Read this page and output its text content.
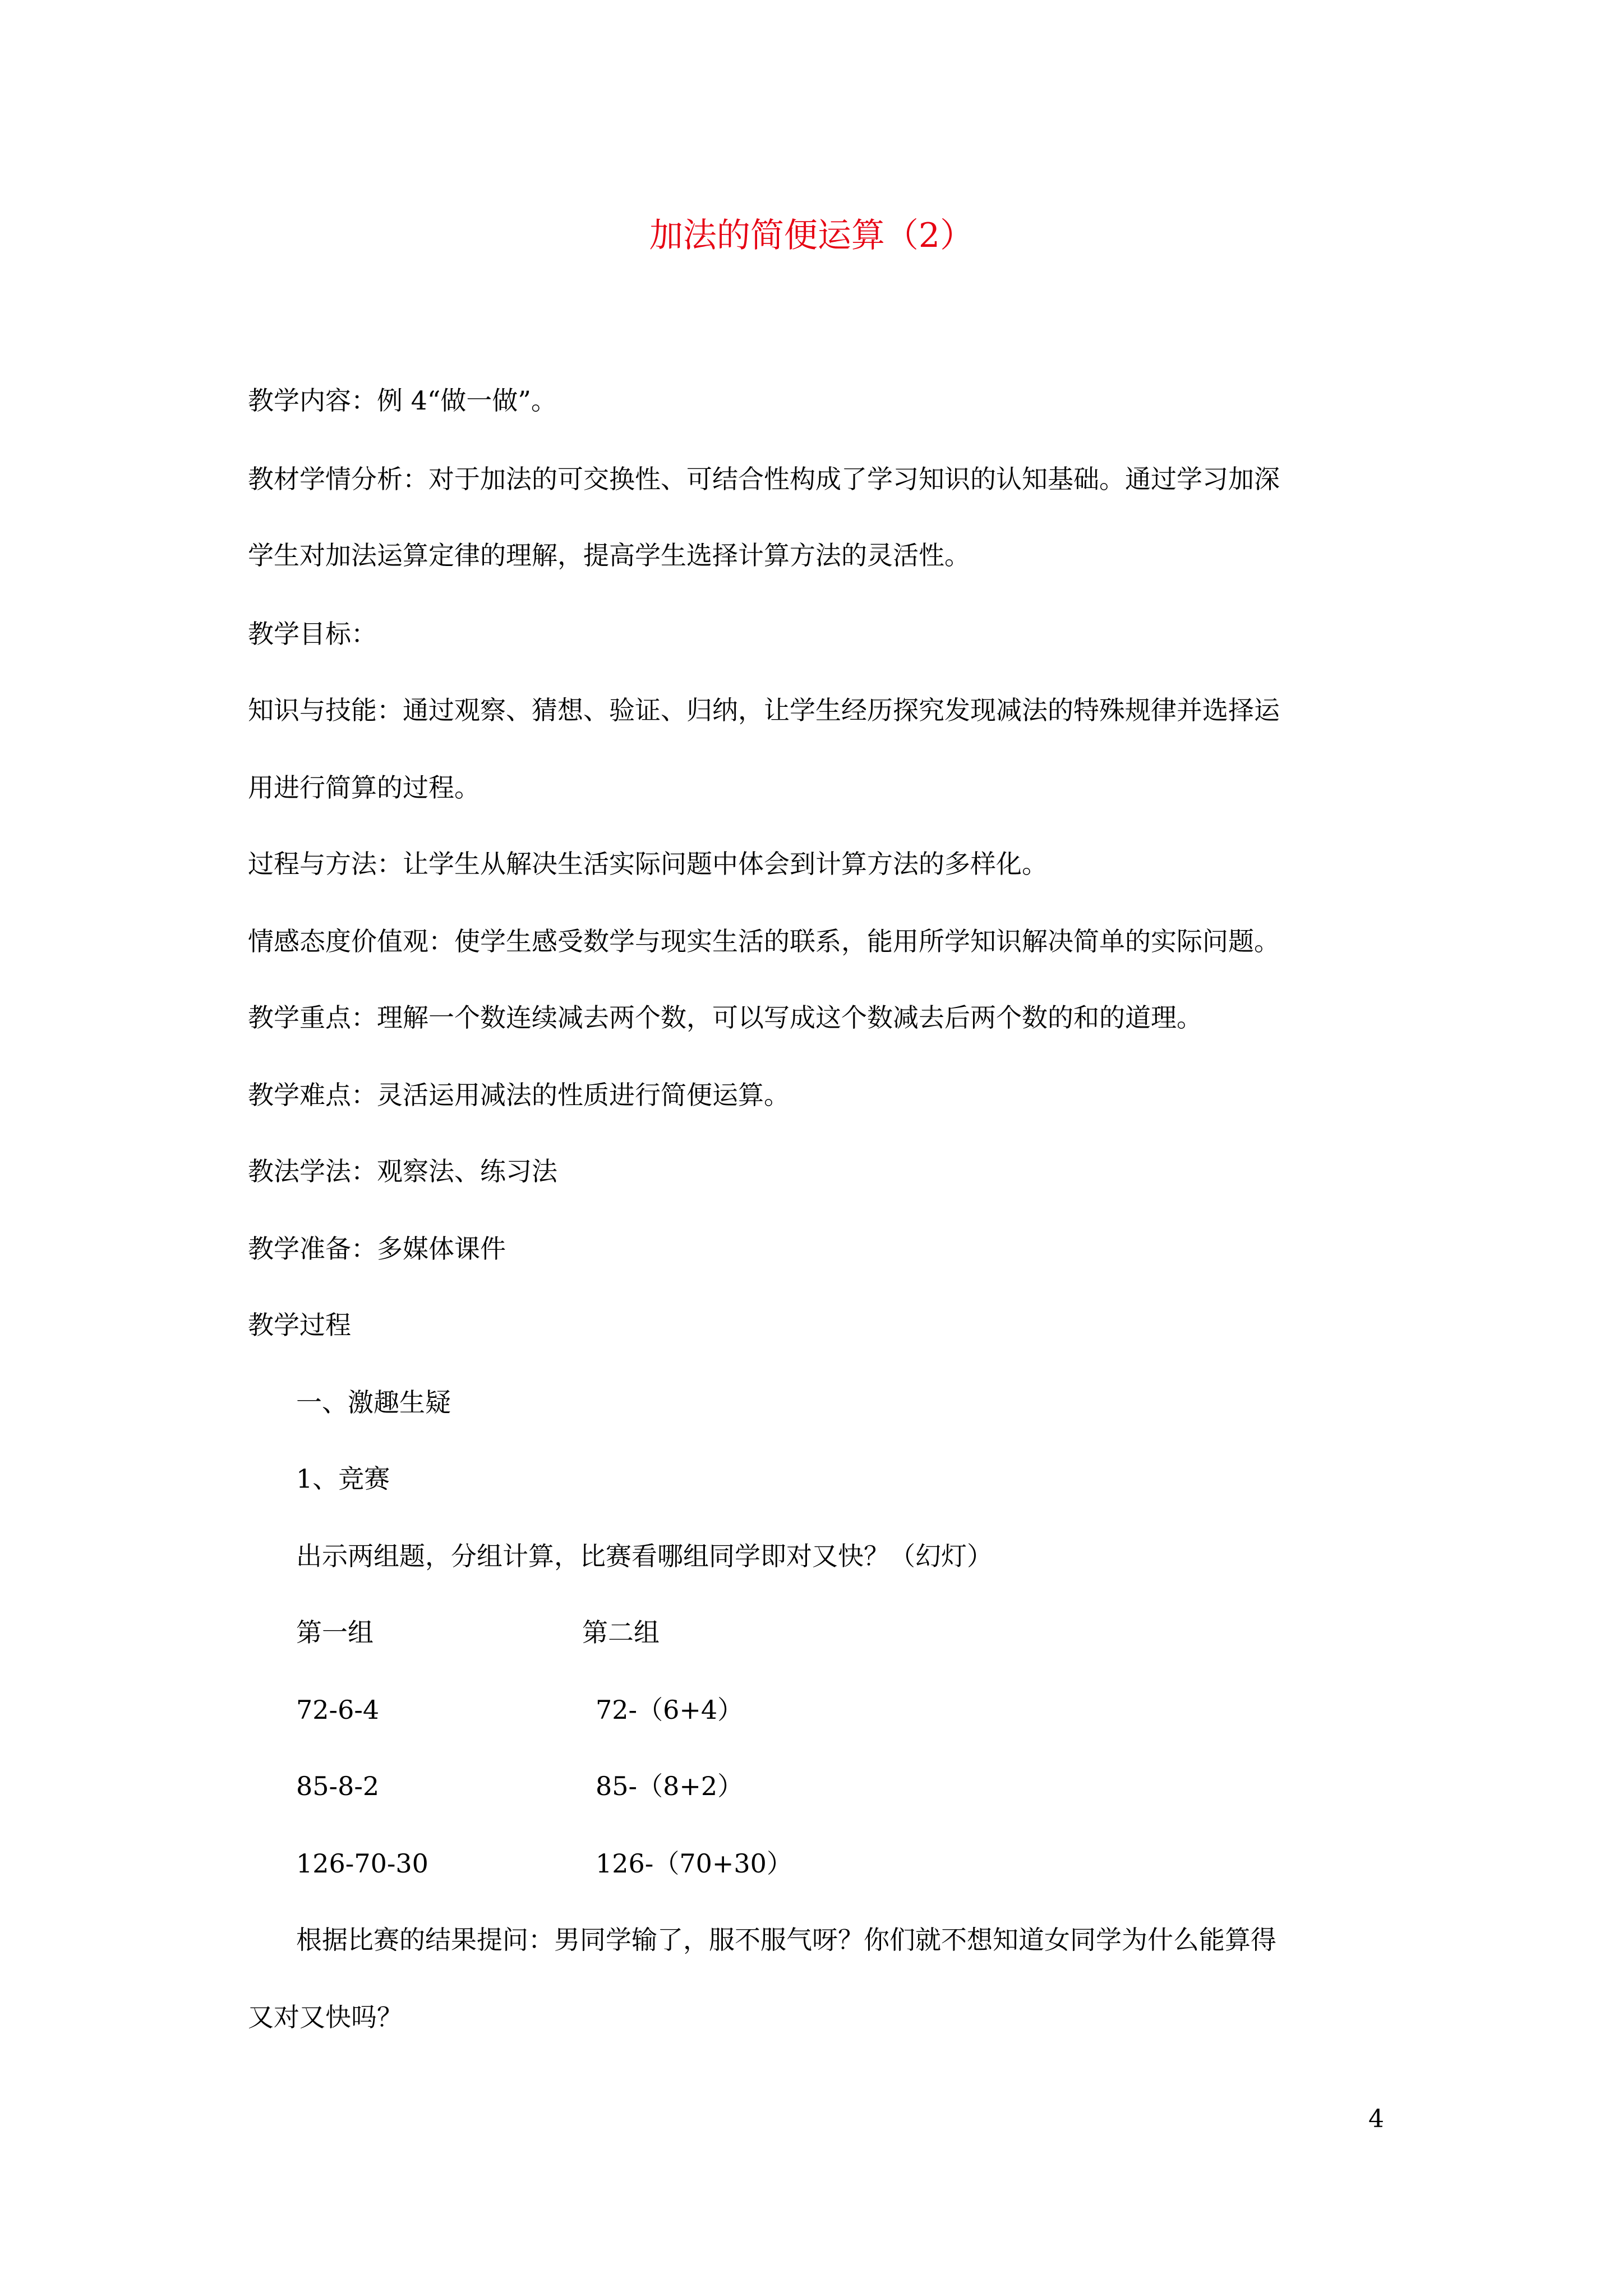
加法的简便运算（2）
教学内容：例 4“做一做”。
教材学情分析：对于加法的可交换性、可结合性构成了学习知识的认知基础。通过学习加深
学生对加法运算定律的理解，提高学生选择计算方法的灵活性。
教学目标：
知识与技能：通过观察、猜想、验证、归纳，让学生经历探究发现减法的特殊规律并选择运
用进行简算的过程。
过程与方法：让学生从解决生活实际问题中体会到计算方法的多样化。
情感态度价值观：使学生感受数学与现实生活的联系，能用所学知识解决简单的实际问题。
教学重点：理解一个数连续减去两个数，可以写成这个数减去后两个数的和的道理。
教学难点：灵活运用减法的性质进行简便运算。
教法学法：观察法、练习法
教学准备：多媒体课件
教学过程
一、激趣生疑
1、竞赛
出示两组题，分组计算，比赛看哪组同学即对又快？（幻灯）
第一组	第二组
72-6-4	72-（6+4）
85-8-2	85-（8+2）
126-70-30	126-（70+30）
根据比赛的结果提问：男同学输了，服不服气呀？你们就不想知道女同学为什么能算得
又对又快吗？
4
